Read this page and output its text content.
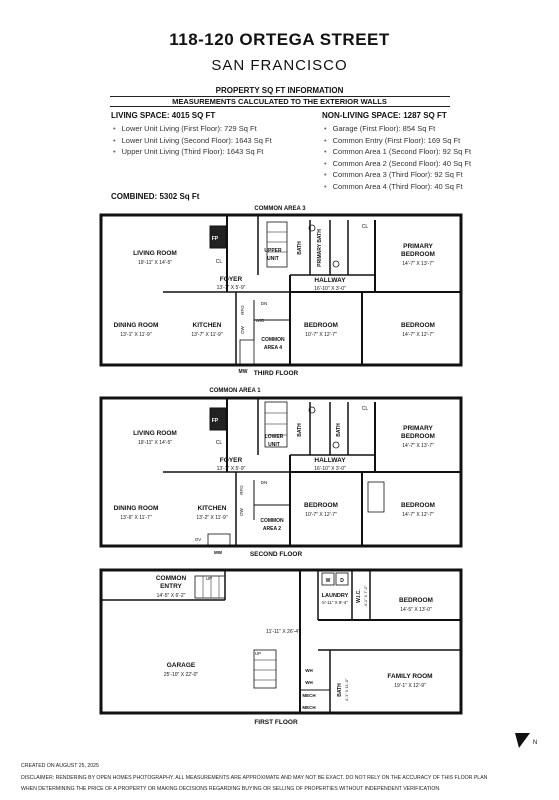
118-120 ORTEGA STREET
SAN FRANCISCO
PROPERTY SQ FT INFORMATION
MEASUREMENTS CALCULATED TO THE EXTERIOR WALLS
LIVING SPACE: 4015 SQ FT
• Lower Unit Living (First Floor): 729 Sq Ft
• Lower Unit Living (Second Floor): 1643 Sq Ft
• Upper Unit Living (Third Floor): 1643 Sq Ft
NON-LIVING SPACE: 1287 SQ FT
• Garage (First Floor): 854 Sq Ft
• Common Entry (First Floor): 169 Sq Ft
• Common Area 1 (Second Floor): 92 Sq Ft
• Common Area 2 (Second Floor): 40 Sq Ft
• Common Area 3 (Third Floor): 92 Sq Ft
• Common Area 4 (Third Floor): 40 Sq Ft
COMBINED: 5302 Sq Ft
COMMON AREA 3
LIVING ROOM
19'-11" X 14'-5"
FP
CL
FOYER
13'-7" X 5'-9"
UPPER
UNIT
BATH	PRIMARY BATH
CL
PRIMARY
BEDROOM
14'-7" X 13'-7"
HALLWAY
16'-10" X 3'-0"
DINING ROOM
13'-1" X 11'-9"
KITCHEN
13'-7" X 11'-9"
DN
RFG
DW
W/D
COMMON
AREA 4
BEDROOM
10'-7" X 12'-7"
BEDROOM
14'-7" X 12'-7"
MW THIRD FLOOR
COMMON AREA 1
LIVING ROOM
19'-11" X 14'-5"
FP
CL
FOYER
13'-7" X 5'-9"
LOWER
UNIT
BATH	BATH
CL
PRIMARY
BEDROOM
14'-7" X 13'-7"
HALLWAY
16'-10" X 3'-0"
DINING ROOM
13'-6" X 11'-7"
KITCHEN
13'-2" X 11'-9"
DN
RFG
DW
OV
MW
COMMON
AREA 2
BEDROOM
10'-7" X 12'-7"
BEDROOM
14'-7" X 12'-7"
SECOND FLOOR
COMMON
ENTRY
14'-5" X 6'-2"
UP	W D
LAUNDRY
5'-11" X 9'-4" W.I.C. 4'-1" X 7'-2"	BEDROOM
14'-5" X 13'-0"
11'-11" X 26'-4"
GARAGE
25'-10" X 22'-0"
UP
WH
WH
MECH
MECH
BATH 4'-1" X 11'-0"
FAMILY ROOM
19'-1" X 12'-9"
FIRST FLOOR
N
CREATED ON AUGUST 25, 2025
DISCLAIMER: RENDERING BY OPEN HOMES PHOTOGRAPHY. ALL MEASUREMENTS ARE APPROXIMATE AND MAY NOT BE EXACT. DO NOT RELY ON THE ACCURACY OF THIS FLOOR PLAN
WHEN DETERMINING THE PRICE OF A PROPERTY OR MAKING DECISIONS REGARDING BUYING OR SELLING OF PROPERTIES WITHOUT INDEPENDENT VERIFICATION.
